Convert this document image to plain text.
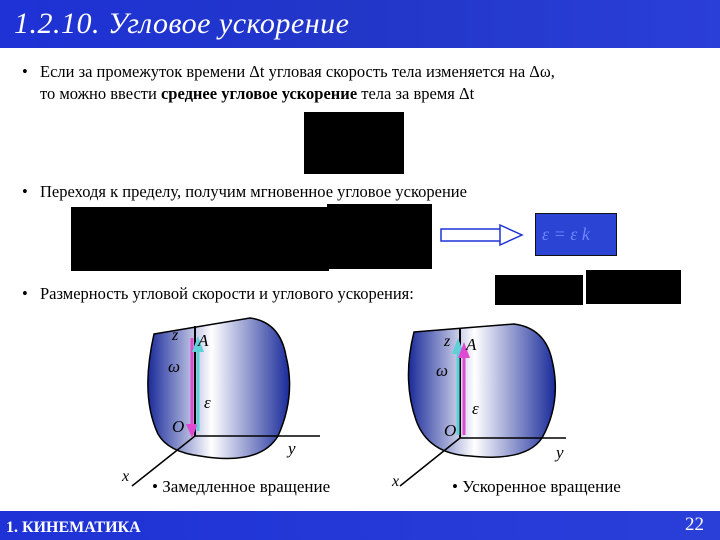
1.2.10. Угловое ускорение
• Если за промежуток времени Δt угловая скорость тела изменяется на Δω,
то можно ввести среднее угловое ускорение тела за время Δt
• Переходя к пределу, получим мгновенное угловое ускорение
ε = ε k
• Размерность угловой скорости и углового ускорения:
z A
ω
ε
O
y
x
• Замедленное вращение
z A
ω
ε
O
y
x	• Ускоренное вращение
1. КИНЕМАТИКА	22
